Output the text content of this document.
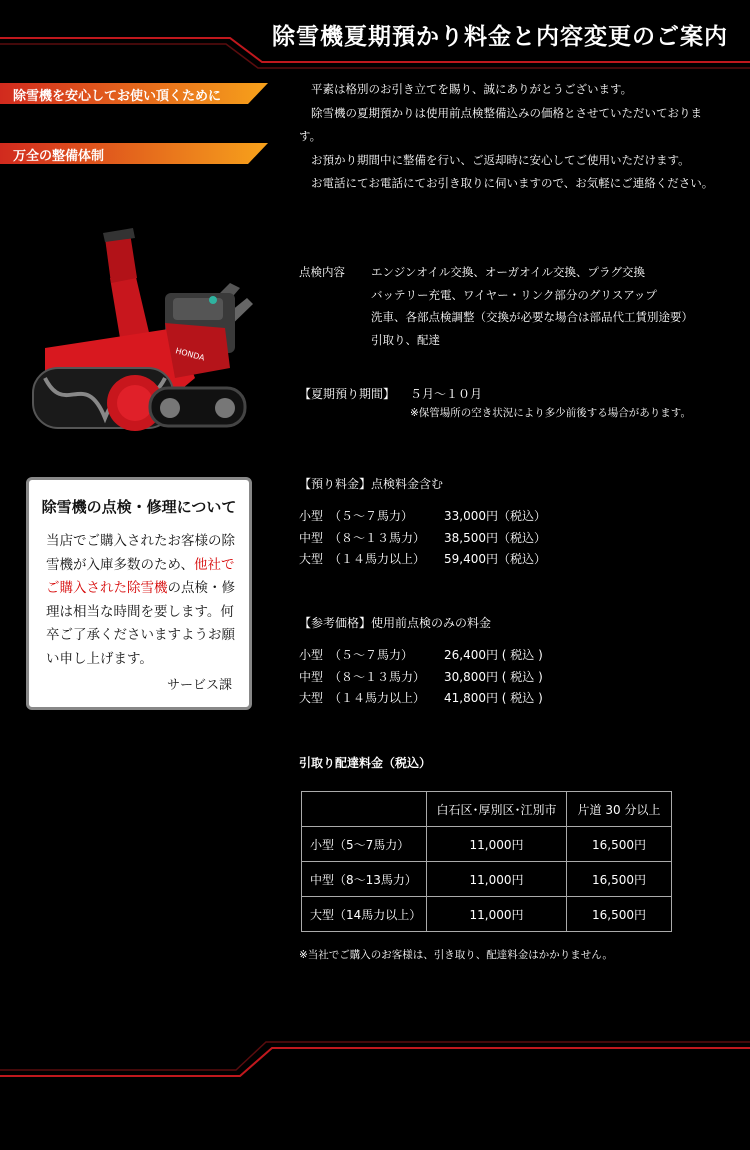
除雪機夏期預かり料金と内容変更のご案内
除雪機を安心してお使い頂くために
万全の整備体制
HONDA

平素は格別のお引き立てを賜り、誠にありがとうございます。

除雪機の夏期預かりは使用前点検整備込みの価格とさせていただいております。

お預かり期間中に整備を行い、ご返却時に安心してご使用いただけます。

お電話にてお電話にてお引き取りに伺いますので、お気軽にご連絡ください。

点検内容 エンジンオイル交換、オーガオイル交換、プラグ交換
バッテリー充電、ワイヤー・リンク部分のグリスアップ
洗車、各部点検調整（交換が必要な場合は部品代工賃別途要）
引取り、配達
【夏期預り期間】 ５月～１０月
※保管場所の空き状況により多少前後する場合があります。
【預り料金】点検料金含む
小型　（５～７馬力）	33,000円（税込）
中型　（８～１３馬力） 38,500円（税込）
大型　（１４馬力以上） 59,400円（税込）
【参考価格】使用前点検のみの料金
小型　（５～７馬力）	26,400円 ( 税込 )
中型　（８～１３馬力） 30,800円 ( 税込 )
大型　（１４馬力以上） 41,800円 ( 税込 )
引取り配達料金（税込）
	白石区･厚別区･江別市	片道 30 分以上
小型（5～7馬力）	11,000円	16,500円
中型（8～13馬力）	11,000円	16,500円
大型（14馬力以上）	11,000円	16,500円
※当社でご購入のお客様は、引き取り、配達料金はかかりません。
除雪機の点検・修理について
当店でご購入されたお客様の除雪機が入庫多数のため、他社でご購入された除雪機の点検・修理は相当な時間を要します。何卒ご了承くださいますようお願い申し上げます。
サービス課
